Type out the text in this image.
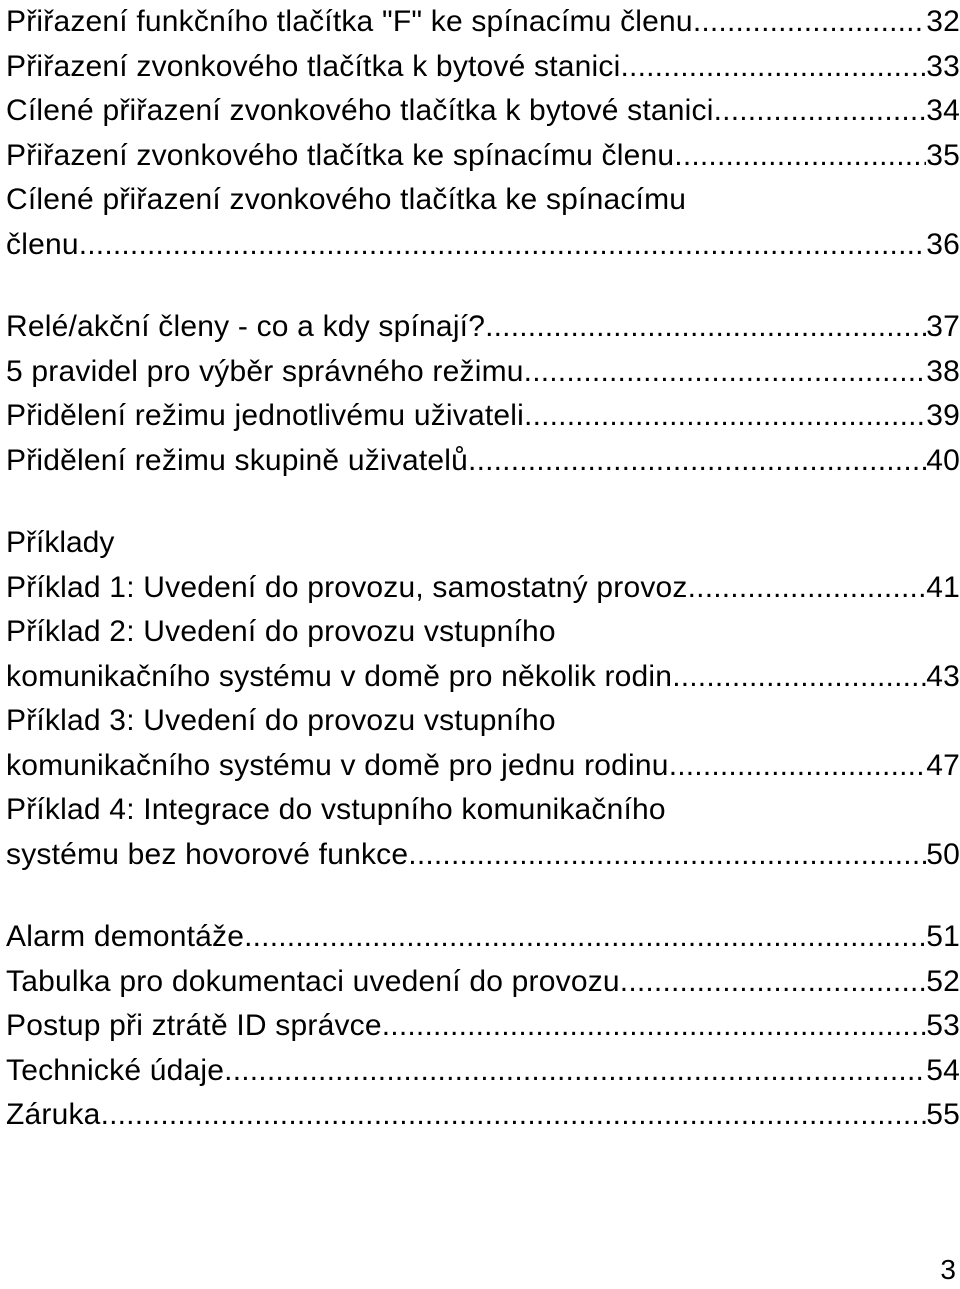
Přiřazení funkčního tlačítka "F" ke spínacímu členu .....	32
Přiřazení zvonkového tlačítka k bytové stanici .....	33
Cílené přiřazení zvonkového tlačítka k bytové stanici .....	34
Přiřazení zvonkového tlačítka ke spínacímu členu .....	35
Cílené přiřazení zvonkového tlačítka ke spínacímu
členu .....	36
Relé/akční členy - co a kdy spínají? .....	37
5 pravidel pro výběr správného režimu .....	38
Přidělení režimu jednotlivému uživateli .....	39
Přidělení režimu skupině uživatelů .....	40
Příklady
Příklad 1: Uvedení do provozu, samostatný provoz .....	41
Příklad 2: Uvedení do provozu vstupního
komunikačního systému v domě pro několik rodin .....	43
Příklad 3: Uvedení do provozu vstupního
komunikačního systému v domě pro jednu rodinu .....	47
Příklad 4: Integrace do vstupního komunikačního
systému bez hovorové funkce .....	50
Alarm demontáže .....	51
Tabulka pro dokumentaci uvedení do provozu .....	52
Postup při ztrátě ID správce .....	53
Technické údaje .....	54
Záruka .....	55
3
